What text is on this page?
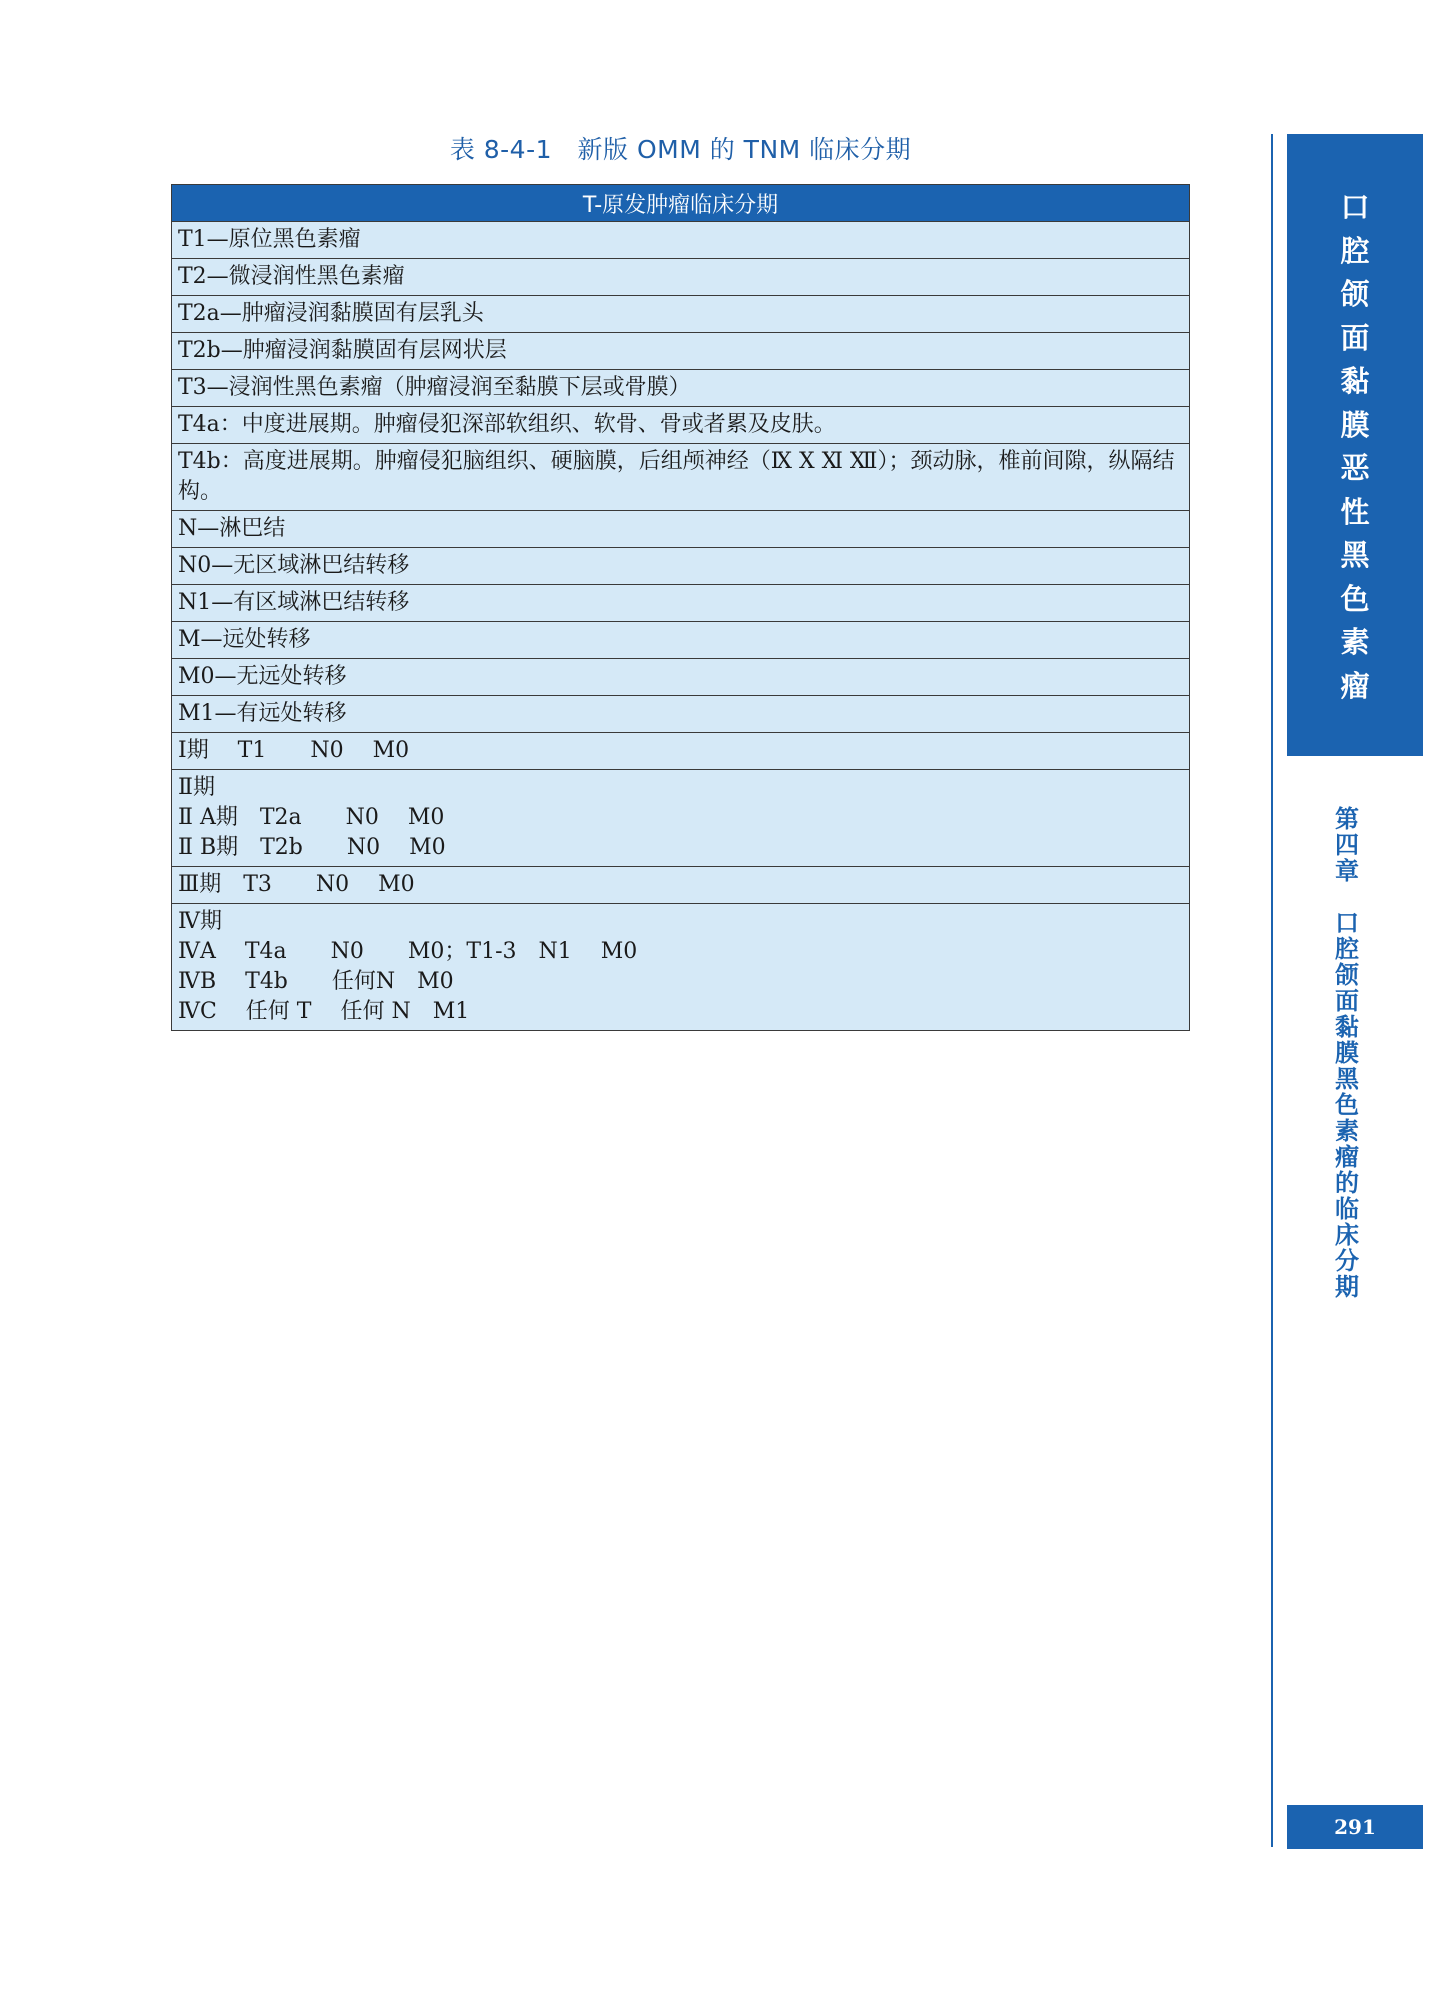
表 8-4-1　新版 OMM 的 TNM 临床分期
T-原发肿瘤临床分期

T1—原位黑色素瘤

T2—微浸润性黑色素瘤

T2a—肿瘤浸润黏膜固有层乳头

T2b—肿瘤浸润黏膜固有层网状层

T3—浸润性黑色素瘤（肿瘤浸润至黏膜下层或骨膜）

T4a：中度进展期。肿瘤侵犯深部软组织、软骨、骨或者累及皮肤。

T4b：高度进展期。肿瘤侵犯脑组织、硬脑膜，后组颅神经（Ⅸ Ⅹ Ⅺ Ⅻ）；颈动脉，椎前间隙，纵隔结构。

N—淋巴结

N0—无区域淋巴结转移

N1—有区域淋巴结转移

M—远处转移

M0—无远处转移

M1—有远处转移

Ⅰ期　 T1　　N0　 M0

Ⅱ期
Ⅱ A期　T2a　　N0　 M0
Ⅱ B期　T2b　　N0　 M0

Ⅲ期　T3　　N0　 M0

Ⅳ期
ⅣA　 T4a　　N0　　M0；T1-3　N1　 M0
ⅣB　 T4b　　任何N　M0
ⅣC　 任何 T　 任何 N　M1
口
腔
颌
面
黏
膜
恶
性
黑
色
素
瘤
第
四
章
口
腔
颌
面
黏
膜
黑
色
素
瘤
的
临
床
分
期
291
